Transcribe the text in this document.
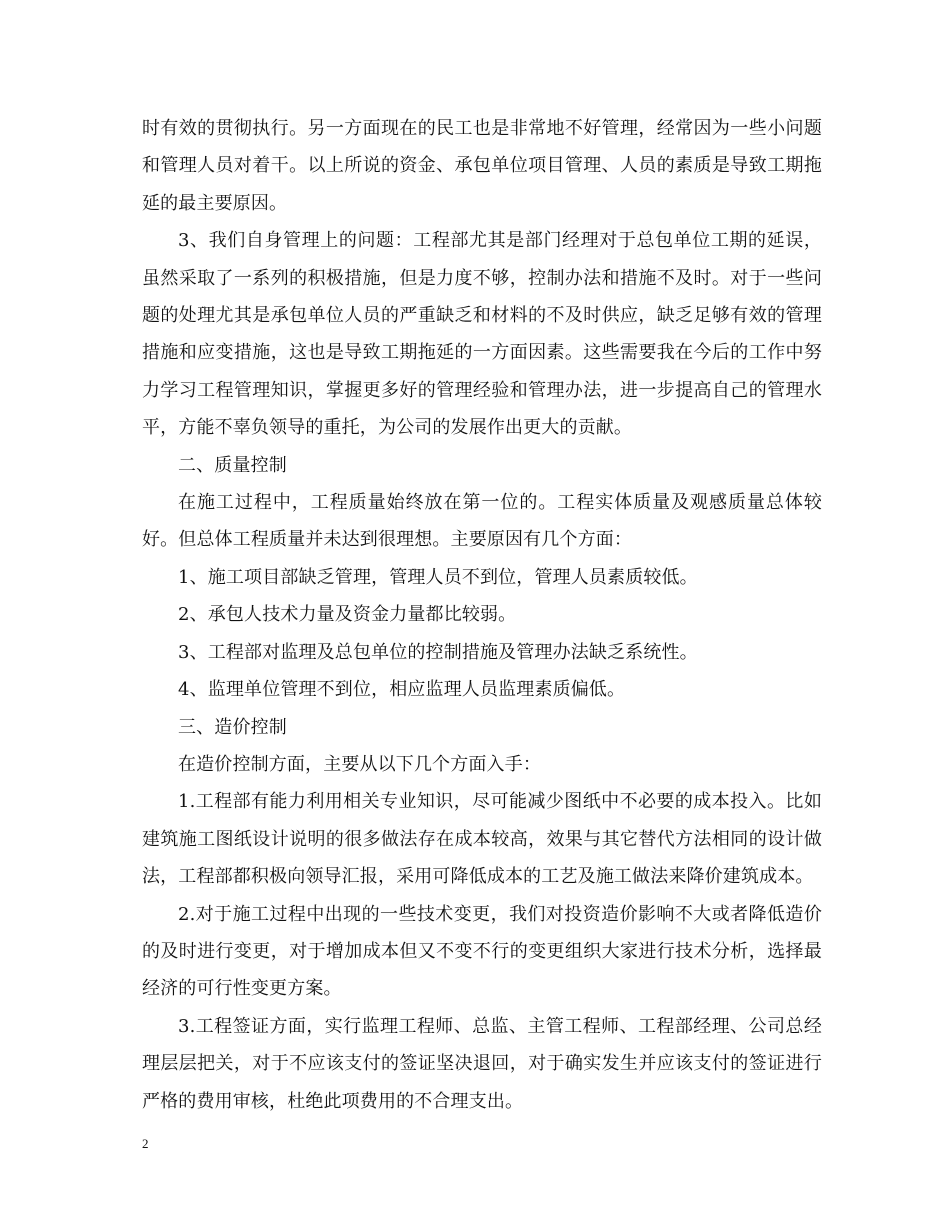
时有效的贯彻执行。另一方面现在的民工也是非常地不好管理，经常因为一些小问题和管理人员对着干。以上所说的资金、承包单位项目管理、人员的素质是导致工期拖延的最主要原因。

3、我们自身管理上的问题：工程部尤其是部门经理对于总包单位工期的延误，虽然采取了一系列的积极措施，但是力度不够，控制办法和措施不及时。对于一些问题的处理尤其是承包单位人员的严重缺乏和材料的不及时供应，缺乏足够有效的管理措施和应变措施，这也是导致工期拖延的一方面因素。这些需要我在今后的工作中努力学习工程管理知识，掌握更多好的管理经验和管理办法，进一步提高自己的管理水平，方能不辜负领导的重托，为公司的发展作出更大的贡献。

二、质量控制

在施工过程中，工程质量始终放在第一位的。工程实体质量及观感质量总体较好。但总体工程质量并未达到很理想。主要原因有几个方面：

1、施工项目部缺乏管理，管理人员不到位，管理人员素质较低。

2、承包人技术力量及资金力量都比较弱。

3、工程部对监理及总包单位的控制措施及管理办法缺乏系统性。

4、监理单位管理不到位，相应监理人员监理素质偏低。

三、造价控制

在造价控制方面，主要从以下几个方面入手：

1.工程部有能力利用相关专业知识，尽可能减少图纸中不必要的成本投入。比如建筑施工图纸设计说明的很多做法存在成本较高，效果与其它替代方法相同的设计做法，工程部都积极向领导汇报，采用可降低成本的工艺及施工做法来降价建筑成本。

2.对于施工过程中出现的一些技术变更，我们对投资造价影响不大或者降低造价的及时进行变更，对于增加成本但又不变不行的变更组织大家进行技术分析，选择最经济的可行性变更方案。

3.工程签证方面，实行监理工程师、总监、主管工程师、工程部经理、公司总经理层层把关，对于不应该支付的签证坚决退回，对于确实发生并应该支付的签证进行严格的费用审核，杜绝此项费用的不合理支出。

2
